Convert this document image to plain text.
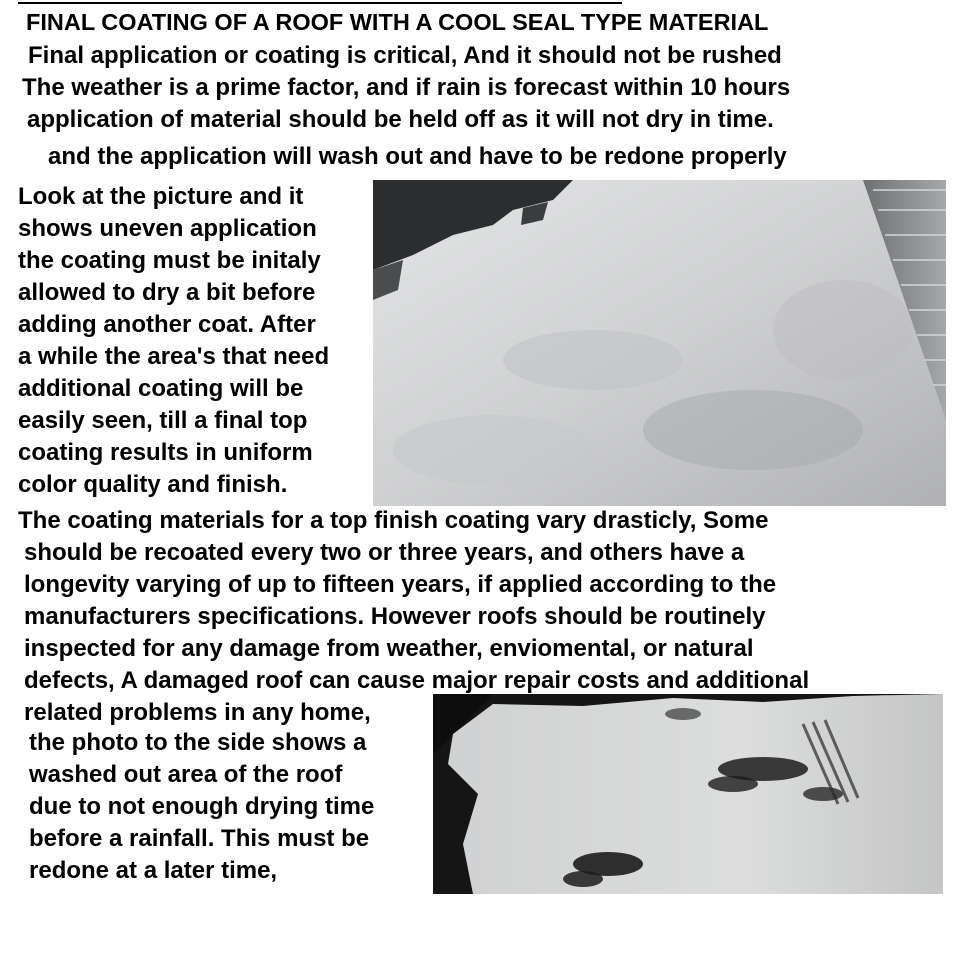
FINAL COATING OF A ROOF WITH A COOL SEAL TYPE MATERIAL
Final application or coating is critical, And it should not be rushed
The weather is a prime factor, and if rain is forecast within 10 hours
application of material should be held off as it will not dry in time.
and the application will wash out and have to be redone properly
Look at the picture and it
shows uneven application
the coating must be initaly
allowed to dry a bit before
adding another coat. After
a while the area's that need
additional coating will be
easily seen, till a final top
coating results in uniform
color quality and finish.
The coating materials for a top finish coating vary drasticly, Some
should be recoated every two or three years, and others have a
longevity varying of up to fifteen years, if applied according to the
manufacturers specifications. However roofs should be routinely
inspected for any damage from weather, enviomental, or natural
defects, A damaged roof can cause major repair costs and additional
related problems in any home,
the photo to the side shows a
washed out area of the roof
due to not enough drying time
before a rainfall. This must be
redone at a later time,
